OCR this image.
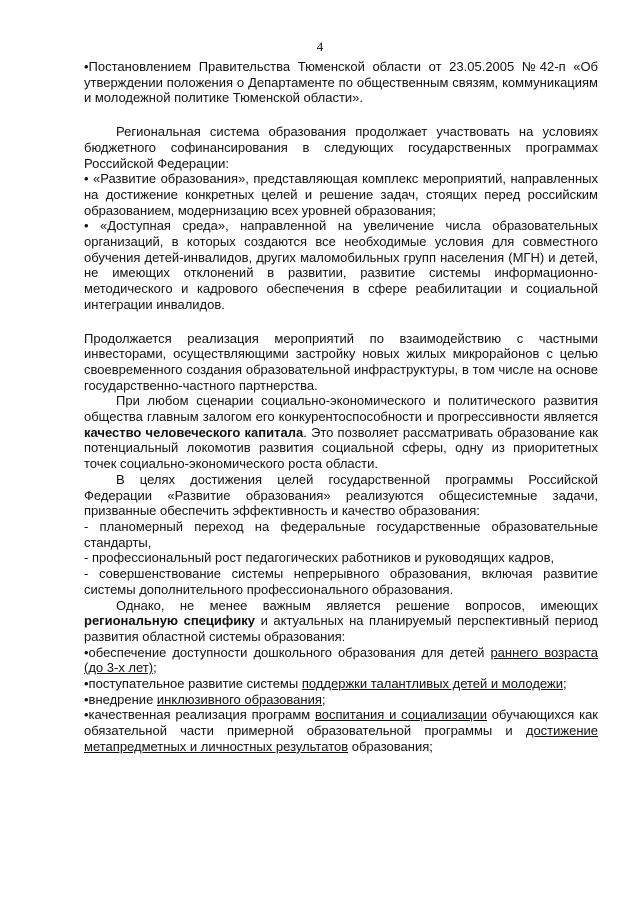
4

•Постановлением Правительства Тюменской области от 23.05.2005 №42-п «Об утверждении положения о Департаменте по общественным связям, коммуникациям и молодежной политике Тюменской области».

Региональная система образования продолжает участвовать на условиях бюджетного софинансирования в следующих государственных программах Российской Федерации:

• «Развитие образования», представляющая комплекс мероприятий, направленных на достижение конкретных целей и решение задач, стоящих перед российским образованием, модернизацию всех уровней образования;

• «Доступная среда», направленной на увеличение числа образовательных организаций, в которых создаются все необходимые условия для совместного обучения детей-инвалидов, других маломобильных групп населения (МГН) и детей, не имеющих отклонений в развитии, развитие системы информационно-методического и кадрового обеспечения в сфере реабилитации и социальной интеграции инвалидов.

Продолжается реализация мероприятий по взаимодействию с частными инвесторами, осуществляющими застройку новых жилых микрорайонов с целью своевременного создания образовательной инфраструктуры, в том числе на основе государственно-частного партнерства.

При любом сценарии социально-экономического и политического развития общества главным залогом его конкурентоспособности и прогрессивности является качество человеческого капитала. Это позволяет рассматривать образование как потенциальный локомотив развития социальной сферы, одну из приоритетных точек социально-экономического роста области.

В целях достижения целей государственной программы Российской Федерации «Развитие образования» реализуются общесистемные задачи, призванные обеспечить эффективность и качество образования:

- планомерный переход на федеральные государственные образовательные стандарты,

- профессиональный рост педагогических работников и руководящих кадров,

- совершенствование системы непрерывного образования, включая развитие системы дополнительного профессионального образования.

Однако, не менее важным является решение вопросов, имеющих региональную специфику и актуальных на планируемый перспективный период развития областной системы образования:

•обеспечение доступности дошкольного образования для детей раннего возраста (до 3-х лет);

•поступательное развитие системы поддержки талантливых детей и молодежи;

•внедрение инклюзивного образования;

•качественная реализация программ воспитания и социализации обучающихся как обязательной части примерной образовательной программы и достижение метапредметных и личностных результатов образования;
